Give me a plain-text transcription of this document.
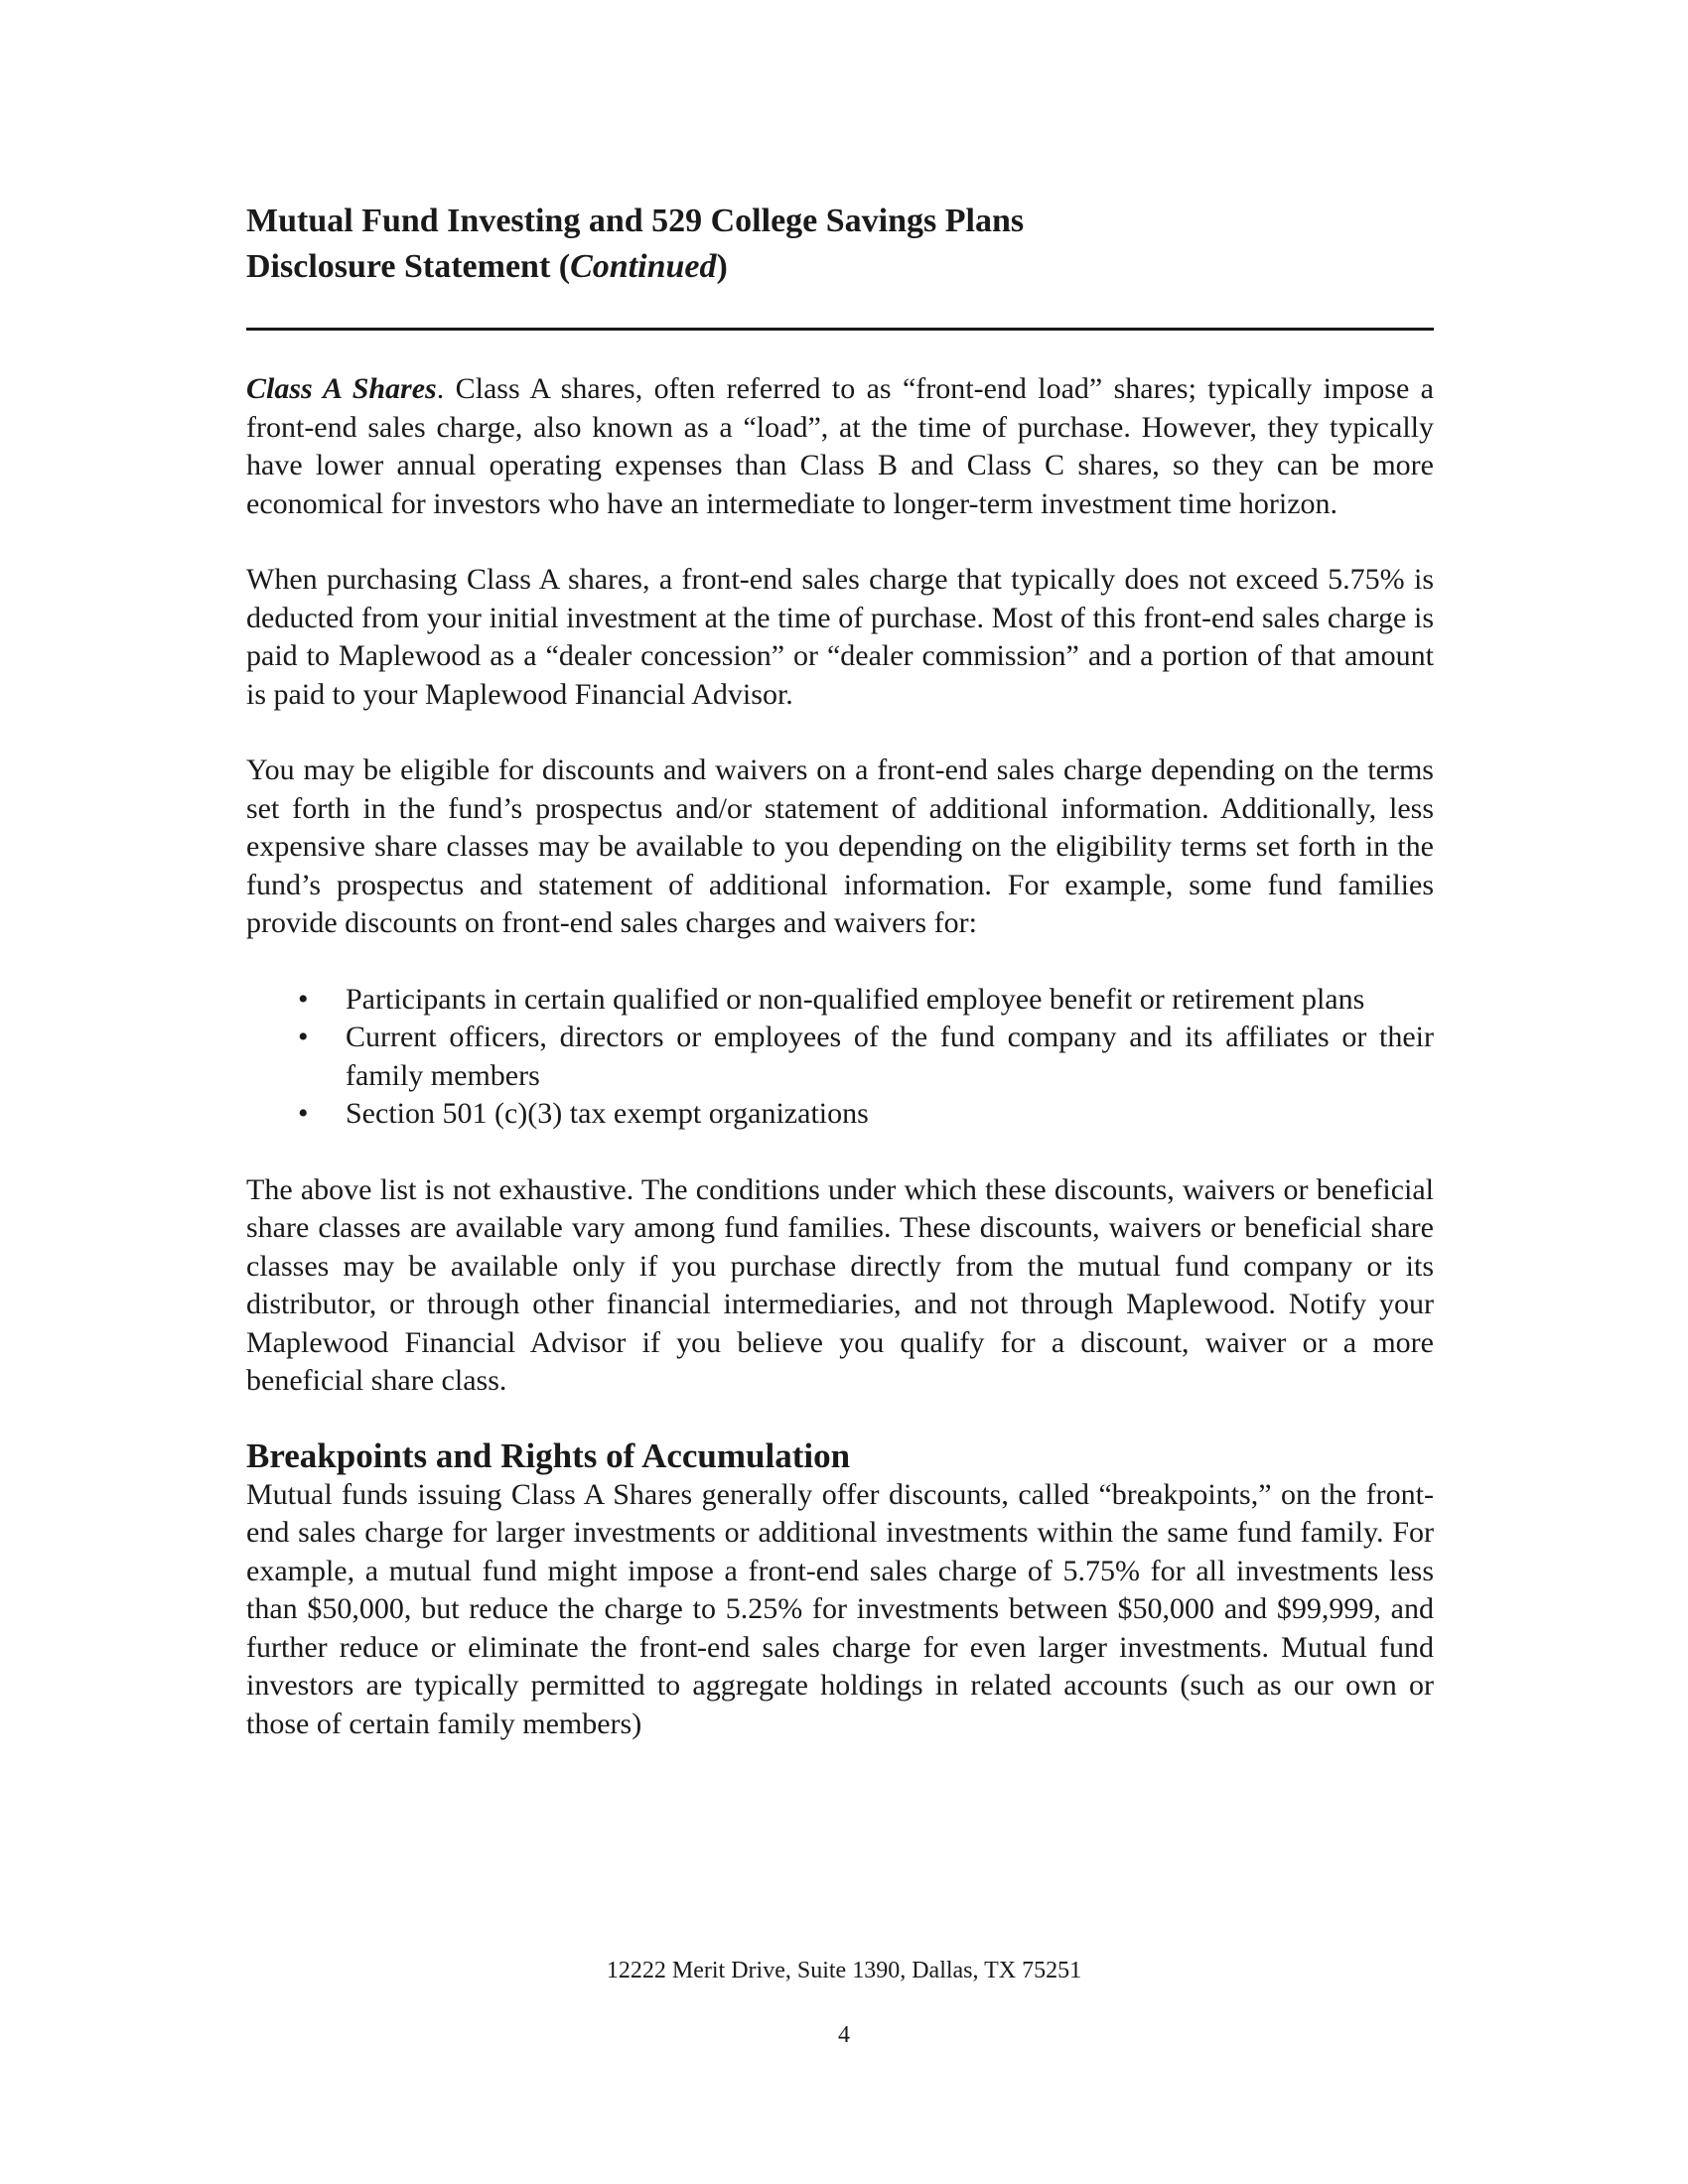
Mutual Fund Investing and 529 College Savings Plans
Disclosure Statement (Continued)

Class A Shares. Class A shares, often referred to as “front-end load” shares; typically impose a front-end sales charge, also known as a “load”, at the time of purchase. However, they typically have lower annual operating expenses than Class B and Class C shares, so they can be more economical for investors who have an intermediate to longer-term investment time horizon.

When purchasing Class A shares, a front-end sales charge that typically does not exceed 5.75% is deducted from your initial investment at the time of purchase. Most of this front-end sales charge is paid to Maplewood as a “dealer concession” or “dealer commission” and a portion of that amount is paid to your Maplewood Financial Advisor.

You may be eligible for discounts and waivers on a front-end sales charge depending on the terms set forth in the fund’s prospectus and/or statement of additional information. Additionally, less expensive share classes may be available to you depending on the eligibility terms set forth in the fund’s prospectus and statement of additional information. For example, some fund families provide discounts on front-end sales charges and waivers for:

• Participants in certain qualified or non-qualified employee benefit or retirement plans
• Current officers, directors or employees of the fund company and its affiliates or their family members
• Section 501 (c)(3) tax exempt organizations

The above list is not exhaustive. The conditions under which these discounts, waivers or beneficial share classes are available vary among fund families. These discounts, waivers or beneficial share classes may be available only if you purchase directly from the mutual fund company or its distributor, or through other financial intermediaries, and not through Maplewood. Notify your Maplewood Financial Advisor if you believe you qualify for a discount, waiver or a more beneficial share class.

Breakpoints and Rights of Accumulation

Mutual funds issuing Class A Shares generally offer discounts, called “breakpoints,” on the front-end sales charge for larger investments or additional investments within the same fund family. For example, a mutual fund might impose a front-end sales charge of 5.75% for all investments less than $50,000, but reduce the charge to 5.25% for investments between $50,000 and $99,999, and further reduce or eliminate the front-end sales charge for even larger investments. Mutual fund investors are typically permitted to aggregate holdings in related accounts (such as our own or those of certain family members)

12222 Merit Drive, Suite 1390, Dallas, TX 75251
4
